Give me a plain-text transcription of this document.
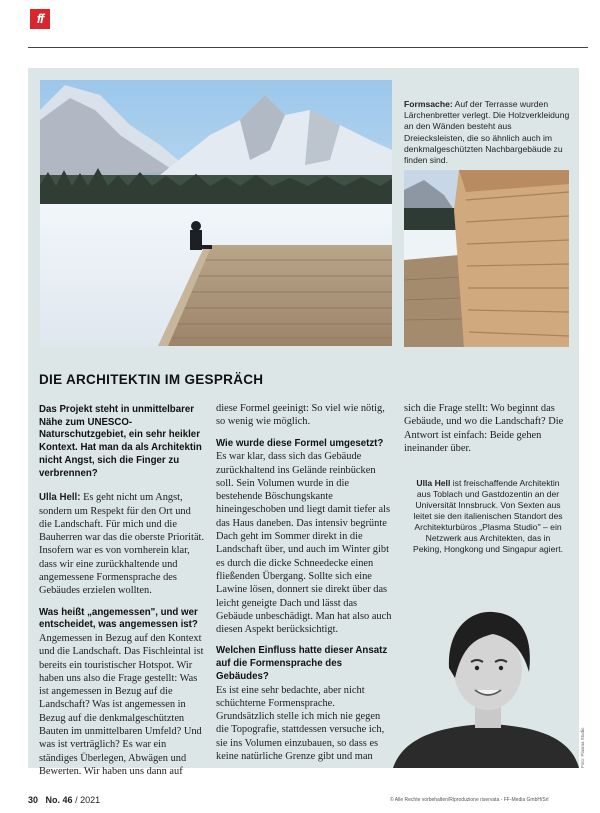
ff
Formsache: Auf der Terrasse wurden Lärchenbretter verlegt. Die Holzverkleidung an den Wänden besteht aus Dreiecksleisten, die so ähnlich auch im denkmalgeschützten Nachbargebäude zu finden sind.
DIE ARCHITEKTIN IM GESPRÄCH
Das Projekt steht in unmittelbarer Nähe zum UNESCO-Naturschutzgebiet, ein sehr heikler Kontext. Hat man da als Architektin nicht Angst, sich die Finger zu verbrennen?
Ulla Hell: Es geht nicht um Angst, sondern um Respekt für den Ort und die Landschaft. Für mich und die Bauherren war das die oberste Priorität. Insofern war es von vornherein klar, dass wir eine zurückhaltende und angemessene Formensprache des Gebäudes erzielen wollten.
Was heißt „angemessen", und wer entscheidet, was angemessen ist?
Angemessen in Bezug auf den Kontext und die Landschaft. Das Fischleintal ist bereits ein touristischer Hotspot. Wir haben uns also die Frage gestellt: Was ist angemessen in Bezug auf die Landschaft? Was ist angemessen in Bezug auf die denkmalgeschützten Bauten im unmittelbaren Umfeld? Und was ist verträglich? Es war ein ständiges Überlegen, Abwägen und Bewerten. Wir haben uns dann auf
diese Formel geeinigt: So viel wie nötig, so wenig wie möglich.
Wie wurde diese Formel umgesetzt?
Es war klar, dass sich das Gebäude zurückhaltend ins Gelände reinbücken soll. Sein Volumen wurde in die bestehende Böschungskante hineingeschoben und liegt damit tiefer als das Haus daneben. Das intensiv begrünte Dach geht im Sommer direkt in die Landschaft über, und auch im Winter gibt es durch die dicke Schneedecke einen fließenden Übergang. Sollte sich eine Lawine lösen, donnert sie direkt über das leicht geneigte Dach und lässt das Gebäude unbeschädigt. Man hat also auch diesen Aspekt berücksichtigt.
Welchen Einfluss hatte dieser Ansatz auf die Formensprache des Gebäudes?
Es ist eine sehr bedachte, aber nicht schüchterne Formensprache. Grundsätzlich stelle ich mich nie gegen die Topografie, stattdessen versuche ich, sie ins Volumen einzubauen, so dass es keine natürliche Grenze gibt und man
sich die Frage stellt: Wo beginnt das Gebäude, und wo die Landschaft? Die Antwort ist einfach: Beide gehen ineinander über.
Ulla Hell ist freischaffende Architektin aus Toblach und Gastdozentin an der Universität Innsbruck. Von Sexten aus leitet sie den italienischen Standort des Architekturbüros „Plasma Studio" – ein Netzwerk aus Architekten, das in Peking, Hongkong und Singapur agiert.
Foto: Plasma Studio
30 No. 46 / 2021	© Alle Rechte vorbehalten/Riproduzione riservata - FF-Media GmbH/Srl
